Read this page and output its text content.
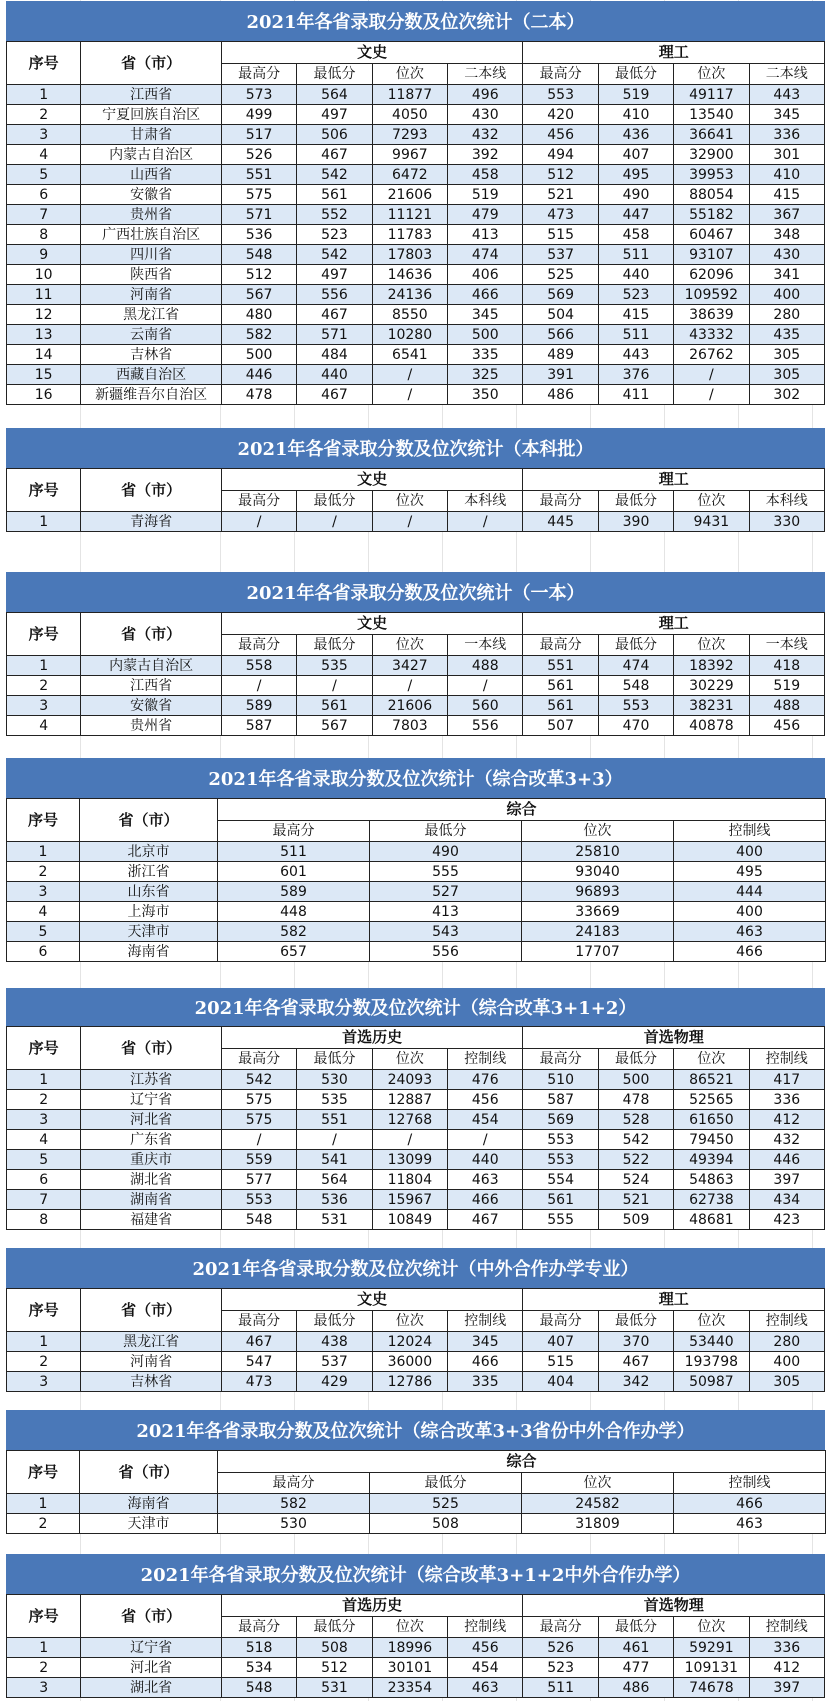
2021年各省录取分数及位次统计（二本）
序号	省（市）	文史				理工			
		最高分	最低分	位次	二本线	最高分	最低分	位次	二本线
1	江西省	573	564	11877	496	553	519	49117	443
2	宁夏回族自治区	499	497	4050	430	420	410	13540	345
3	甘肃省	517	506	7293	432	456	436	36641	336
4	内蒙古自治区	526	467	9967	392	494	407	32900	301
5	山西省	551	542	6472	458	512	495	39953	410
6	安徽省	575	561	21606	519	521	490	88054	415
7	贵州省	571	552	11121	479	473	447	55182	367
8	广西壮族自治区	536	523	11783	413	515	458	60467	348
9	四川省	548	542	17803	474	537	511	93107	430
10	陕西省	512	497	14636	406	525	440	62096	341
11	河南省	567	556	24136	466	569	523	109592	400
12	黑龙江省	480	467	8550	345	504	415	38639	280
13	云南省	582	571	10280	500	566	511	43332	435
14	吉林省	500	484	6541	335	489	443	26762	305
15	西藏自治区	446	440	/	325	391	376	/	305
16	新疆维吾尔自治区	478	467	/	350	486	411	/	302
2021年各省录取分数及位次统计（本科批）
序号	省（市）	文史				理工			
		最高分	最低分	位次	本科线	最高分	最低分	位次	本科线
1	青海省	/	/	/	/	445	390	9431	330
2021年各省录取分数及位次统计（一本）
序号	省（市）	文史				理工			
		最高分	最低分	位次	一本线	最高分	最低分	位次	一本线
1	内蒙古自治区	558	535	3427	488	551	474	18392	418
2	江西省	/	/	/	/	561	548	30229	519
3	安徽省	589	561	21606	560	561	553	38231	488
4	贵州省	587	567	7803	556	507	470	40878	456
2021年各省录取分数及位次统计（综合改革3+3）
序号	省（市）	综合			
		最高分	最低分	位次	控制线
1	北京市	511	490	25810	400
2	浙江省	601	555	93040	495
3	山东省	589	527	96893	444
4	上海市	448	413	33669	400
5	天津市	582	543	24183	463
6	海南省	657	556	17707	466
2021年各省录取分数及位次统计（综合改革3+1+2）
序号	省（市）	首选历史				首选物理			
		最高分	最低分	位次	控制线	最高分	最低分	位次	控制线
1	江苏省	542	530	24093	476	510	500	86521	417
2	辽宁省	575	535	12887	456	587	478	52565	336
3	河北省	575	551	12768	454	569	528	61650	412
4	广东省	/	/	/	/	553	542	79450	432
5	重庆市	559	541	13099	440	553	522	49394	446
6	湖北省	577	564	11804	463	554	524	54863	397
7	湖南省	553	536	15967	466	561	521	62738	434
8	福建省	548	531	10849	467	555	509	48681	423
2021年各省录取分数及位次统计（中外合作办学专业）
序号	省（市）	文史				理工			
		最高分	最低分	位次	控制线	最高分	最低分	位次	控制线
1	黑龙江省	467	438	12024	345	407	370	53440	280
2	河南省	547	537	36000	466	515	467	193798	400
3	吉林省	473	429	12786	335	404	342	50987	305
2021年各省录取分数及位次统计（综合改革3+3省份中外合作办学）
序号	省（市）	综合			
		最高分	最低分	位次	控制线
1	海南省	582	525	24582	466
2	天津市	530	508	31809	463
2021年各省录取分数及位次统计（综合改革3+1+2中外合作办学）
序号	省（市）	首选历史				首选物理			
		最高分	最低分	位次	控制线	最高分	最低分	位次	控制线
1	辽宁省	518	508	18996	456	526	461	59291	336
2	河北省	534	512	30101	454	523	477	109131	412
3	湖北省	548	531	23354	463	511	486	74678	397
